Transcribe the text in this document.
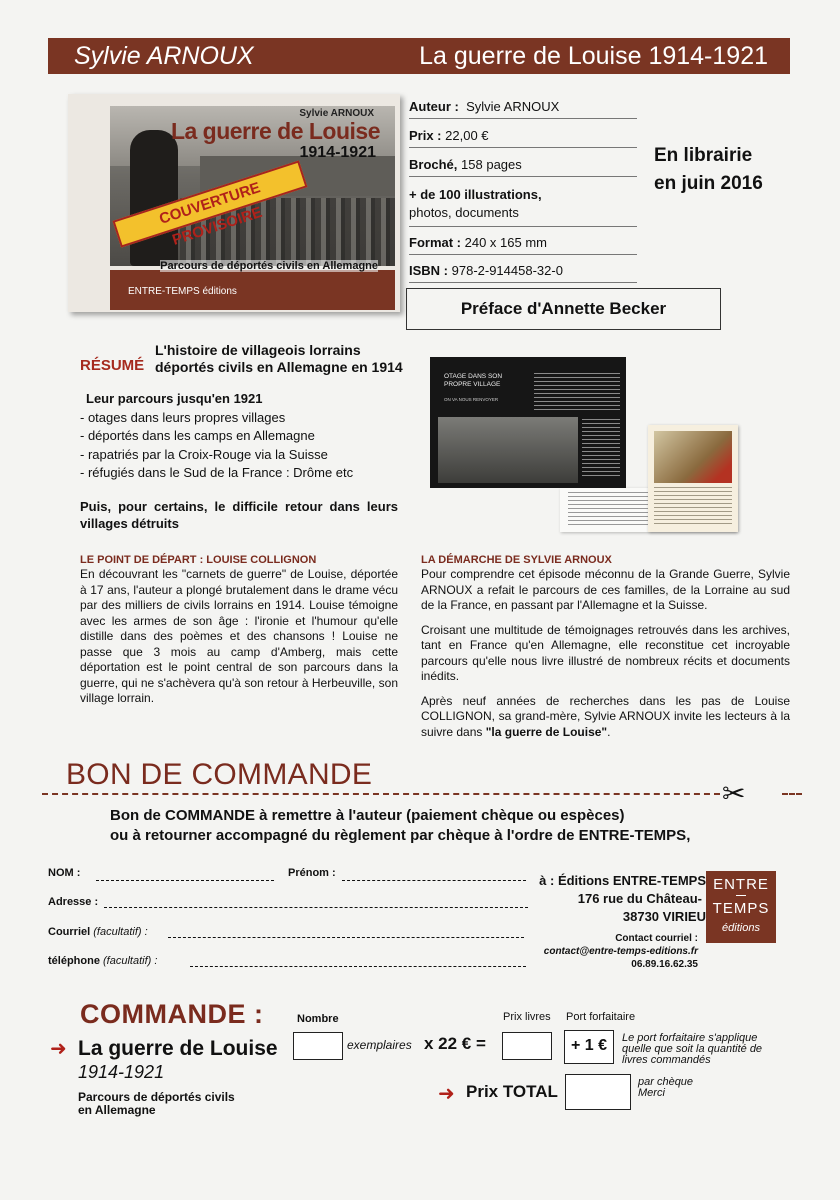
Sylvie ARNOUX	La guerre de Louise 1914-1921
Sylvie ARNOUX
La guerre de Louise
1914-1921
COUVERTURE PROVISOIRE
Parcours de déportés civils en Allemagne
ENTRE-TEMPS éditions
Auteur : Sylvie ARNOUX
Prix : 22,00 €
Broché, 158 pages
+ de 100 illustrations,
photos, documents
Format : 240 x 165 mm
ISBN : 978-2-914458-32-0
En librairie
en juin 2016
Préface d'Annette Becker
RÉSUMÉ
L'histoire de villageois lorrains
déportés civils en Allemagne en 1914
Leur parcours jusqu'en 1921
- otages dans leurs propres villages
- déportés dans les camps en Allemagne
- rapatriés par la Croix-Rouge via la Suisse
- réfugiés dans le Sud de la France : Drôme etc
Puis, pour certains, le difficile retour dans leurs villages détruits
OTAGE DANS SON PROPRE VILLAGE
ON VA NOUS RENVOYER
LE POINT DE DÉPART : LOUISE COLLIGNON
En découvrant les "carnets de guerre" de Louise, déportée à 17 ans, l'auteur a plongé brutalement dans le drame vécu par des milliers de civils lorrains en 1914. Louise témoigne avec les armes de son âge : l'ironie et l'humour qu'elle distille dans des poèmes et des chansons ! Louise ne passe que 3 mois au camp d'Amberg, mais cette déportation est le point central de son parcours dans la guerre, qui ne s'achèvera qu'à son retour à Herbeuville, son village lorrain.
LA DÉMARCHE DE SYLVIE ARNOUX

Pour comprendre cet épisode méconnu de la Grande Guerre, Sylvie ARNOUX a refait le parcours de ces familles, de la Lorraine au sud de la France, en passant par l'Allemagne et la Suisse.

Croisant une multitude de témoignages retrouvés dans les archives, tant en France qu'en Allemagne, elle reconstitue cet incroyable parcours qu'elle nous livre illustré de nombreux récits et documents inédits.

Après neuf années de recherches dans les pas de Louise COLLIGNON, sa grand-mère, Sylvie ARNOUX invite les lecteurs à la suivre dans "la guerre de Louise".

BON DE COMMANDE
✂
Bon de COMMANDE à remettre à l'auteur (paiement chèque ou espèces)
ou à retourner accompagné du règlement par chèque à l'ordre de ENTRE-TEMPS,
NOM :	Prénom :
Adresse :
Courriel (facultatif) :
téléphone (facultatif) :
à : Éditions ENTRE-TEMPS
176 rue du Château-
38730 VIRIEU
Contact courriel :
contact@entre-temps-editions.fr
06.89.16.62.35
ENTRE
TEMPS
éditions
COMMANDE :	Nombre	Prix livres Port forfaitaire
➜ La guerre de Louise
1914-1921
Parcours de déportés civils
en Allemagne
exemplaires x 22 € =	+ 1 €	Le port forfaitaire s'applique quelle que soit la quantité de livres commandés
➜ Prix TOTAL	par chèque
Merci
